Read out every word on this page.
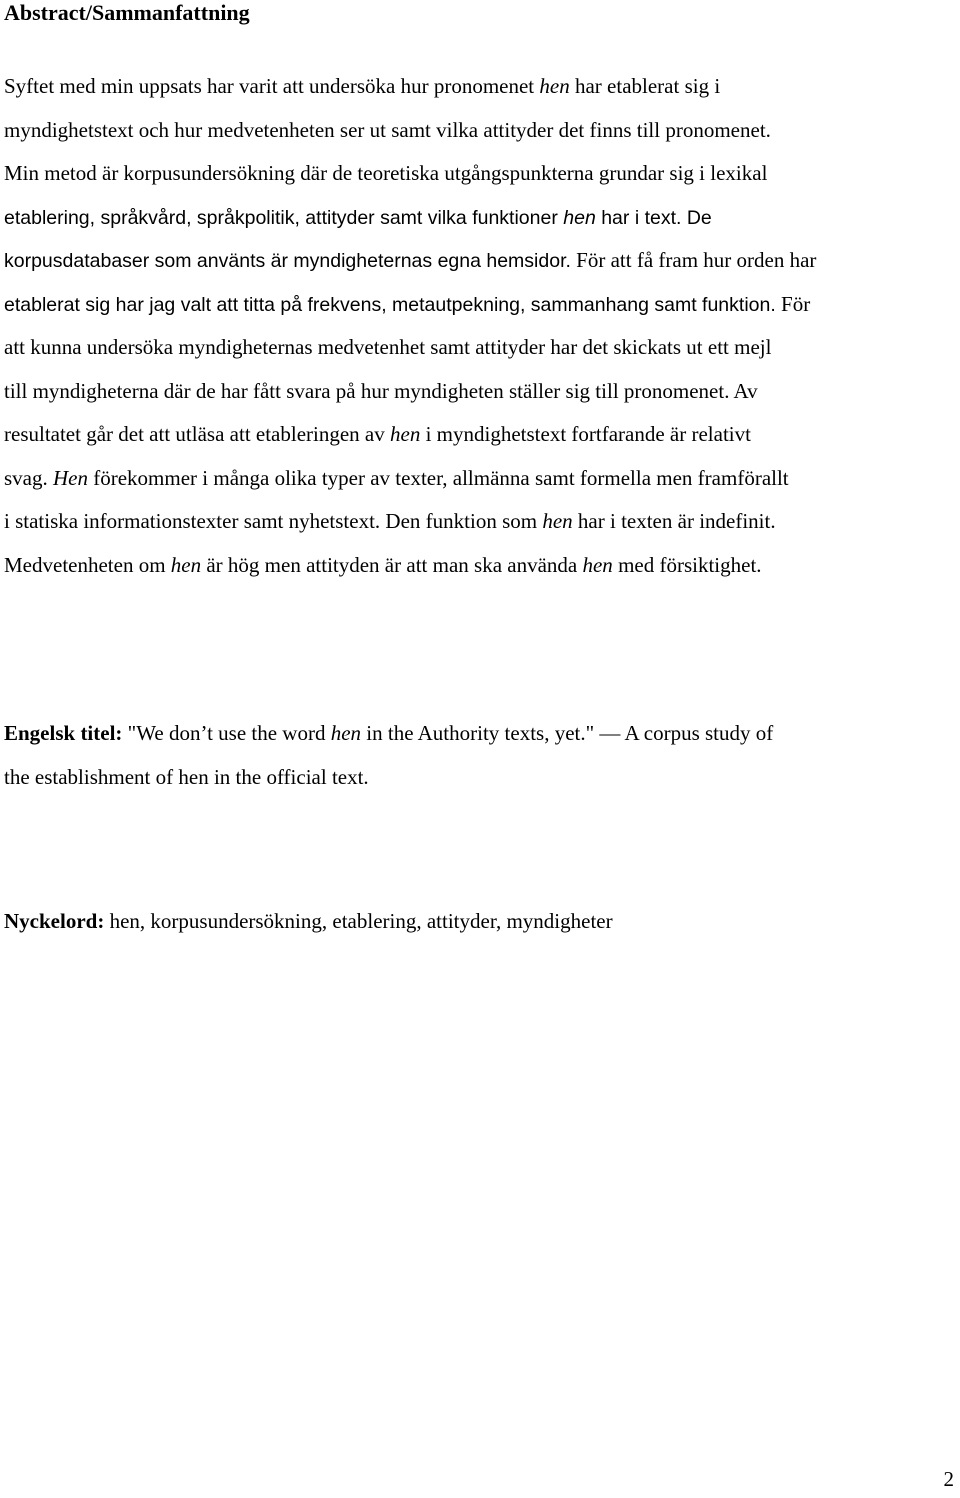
Abstract/Sammanfattning
Syftet med min uppsats har varit att undersöka hur pronomenet hen har etablerat sig i
myndighetstext och hur medvetenheten ser ut samt vilka attityder det finns till pronomenet.
Min metod är korpusundersökning där de teoretiska utgångspunkterna grundar sig i lexikal
etablering, språkvård, språkpolitik, attityder samt vilka funktioner hen har i text. De
korpusdatabaser som använts är myndigheternas egna hemsidor. För att få fram hur orden har
etablerat sig har jag valt att titta på frekvens, metautpekning, sammanhang samt funktion. För
att kunna undersöka myndigheternas medvetenhet samt attityder har det skickats ut ett mejl
till myndigheterna där de har fått svara på hur myndigheten ställer sig till pronomenet. Av
resultatet går det att utläsa att etableringen av hen i myndighetstext fortfarande är relativt
svag. Hen förekommer i många olika typer av texter, allmänna samt formella men framförallt
i statiska informationstexter samt nyhetstext. Den funktion som hen har i texten är indefinit.
Medvetenheten om hen är hög men attityden är att man ska använda hen med försiktighet.
Engelsk titel: "We don’t use the word hen in the Authority texts, yet." — A corpus study of
the establishment of hen in the official text.
Nyckelord: hen, korpusundersökning, etablering, attityder, myndigheter
2
